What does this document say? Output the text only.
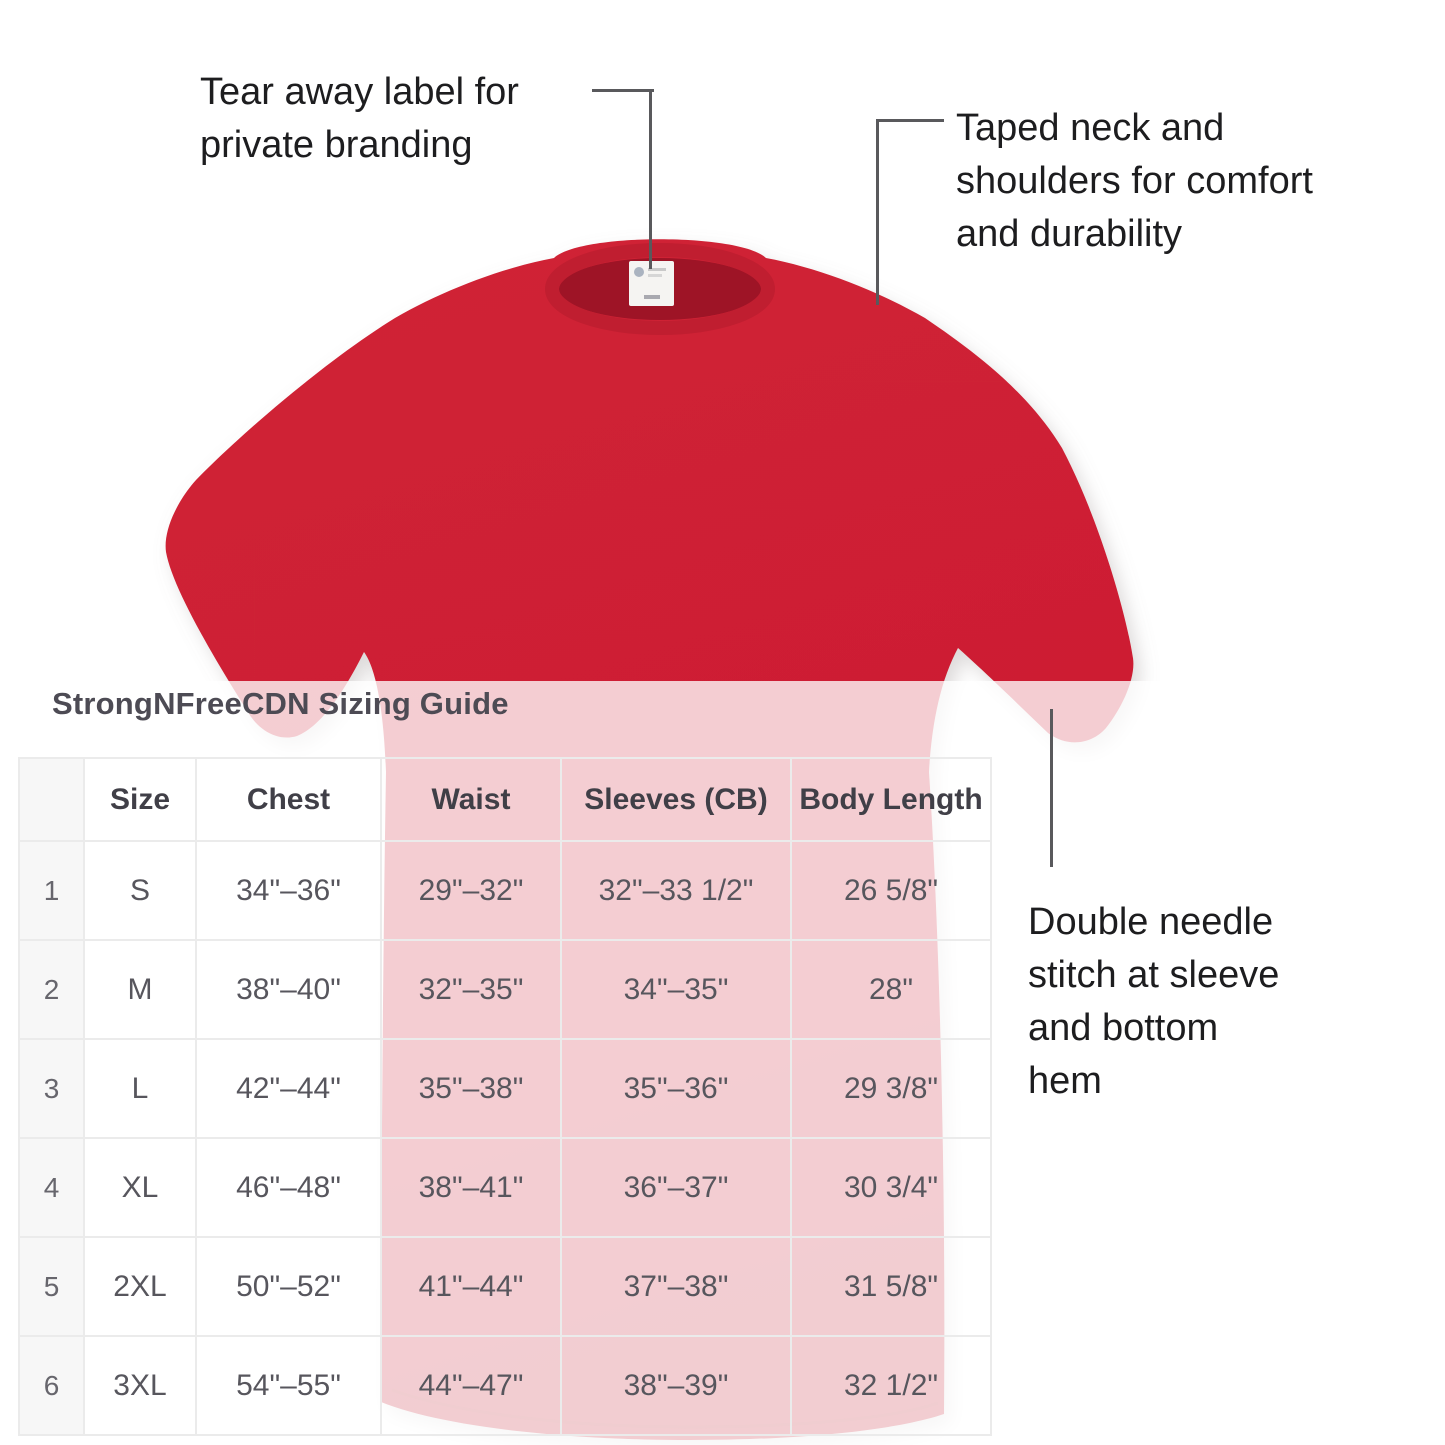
StrongNFreeCDN Sizing Guide
	Size	Chest	Waist	Sleeves (CB)	Body Length
1	S	34"–36"	29"–32"	32"–33 1/2"	26 5/8"
2	M	38"–40"	32"–35"	34"–35"	28"
3	L	42"–44"	35"–38"	35"–36"	29 3/8"
4	XL	46"–48"	38"–41"	36"–37"	30 3/4"
5	2XL	50"–52"	41"–44"	37"–38"	31 5/8"
6	3XL	54"–55"	44"–47"	38"–39"	32 1/2"
Tear away label for
private branding	Taped neck and
shoulders for comfort
and durability
Double needle
stitch at sleeve
and bottom
hem
